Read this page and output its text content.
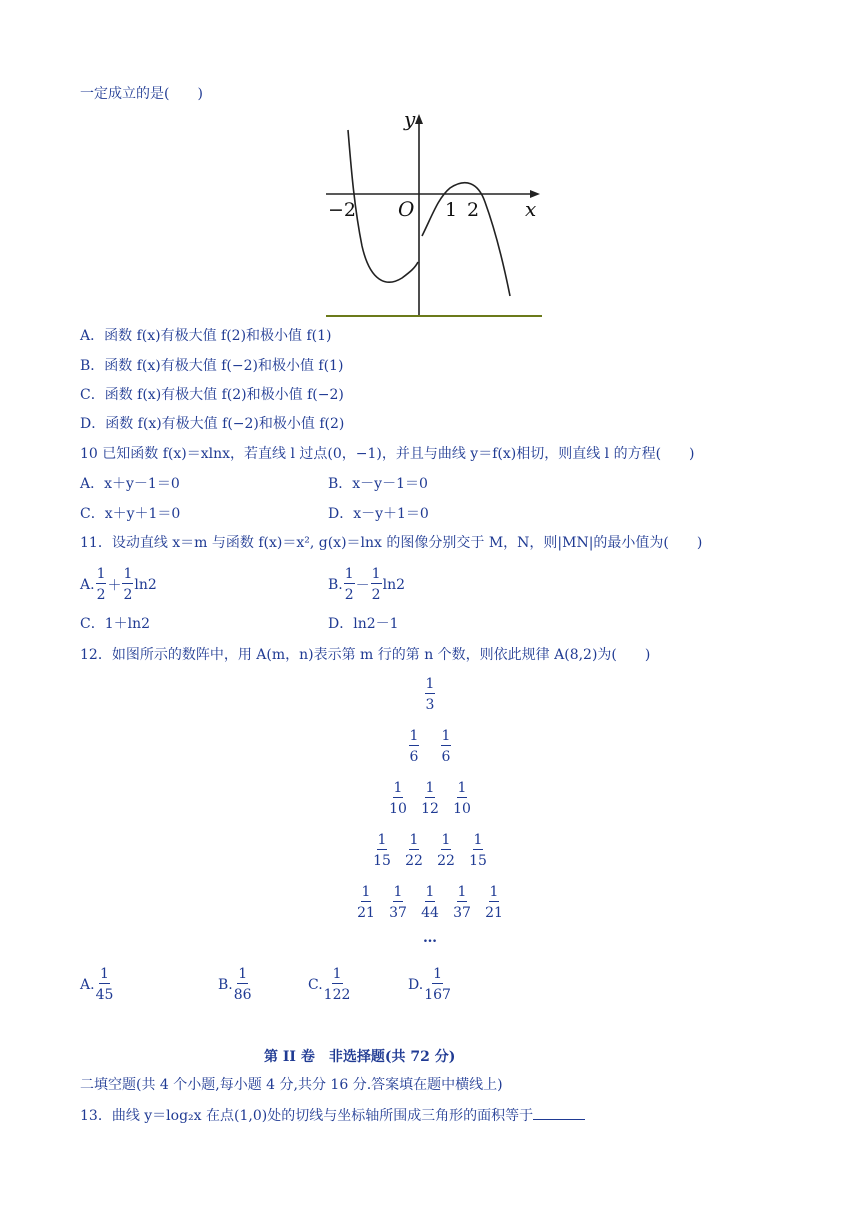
一定成立的是(　　)
y
x
O
−2	1 2
A．函数 f(x)有极大值 f(2)和极小值 f(1)
B．函数 f(x)有极大值 f(−2)和极小值 f(1)
C．函数 f(x)有极大值 f(2)和极小值 f(−2)
D．函数 f(x)有极大值 f(−2)和极小值 f(2)
10 已知函数 f(x)＝xlnx，若直线 l 过点(0，−1)，并且与曲线 y＝f(x)相切，则直线 l 的方程(　　)
A．x＋y－1＝0	B．x－y－1＝0
C．x＋y＋1＝0	D．x－y＋1＝0
11．设动直线 x＝m 与函数 f(x)＝x², g(x)＝lnx 的图像分别交于 M，N，则|MN|的最小值为(　　)
A. $\frac{1}{2} + \frac{1}{2} \ln 2$	B. $\frac{1}{2} - \frac{1}{2} \ln 2$
C．1＋ln2	D．ln2－1
12．如图所示的数阵中，用 A(m，n)表示第 m 行的第 n 个数，则依此规律 A(8,2)为(　　)
$\frac{1}{3}$
$\frac{1}{6} \frac{1}{6}$
$\frac{1}{10} \frac{1}{12} \frac{1}{10}$
$\frac{1}{15} \frac{1}{22} \frac{1}{22} \frac{1}{15}$
$\frac{1}{21} \frac{1}{37} \frac{1}{44} \frac{1}{37} \frac{1}{21}$
…
A. $\frac{1}{45}$	B. $\frac{1}{86}$	C. $\frac{1}{122}$	D. $\frac{1}{167}$
第 II 卷　非选择题(共 72 分)
二填空题(共 4 个小题,每小题 4 分,共分 16 分.答案填在题中横线上)
13．曲线 y＝log₂x 在点(1,0)处的切线与坐标轴所围成三角形的面积等于
